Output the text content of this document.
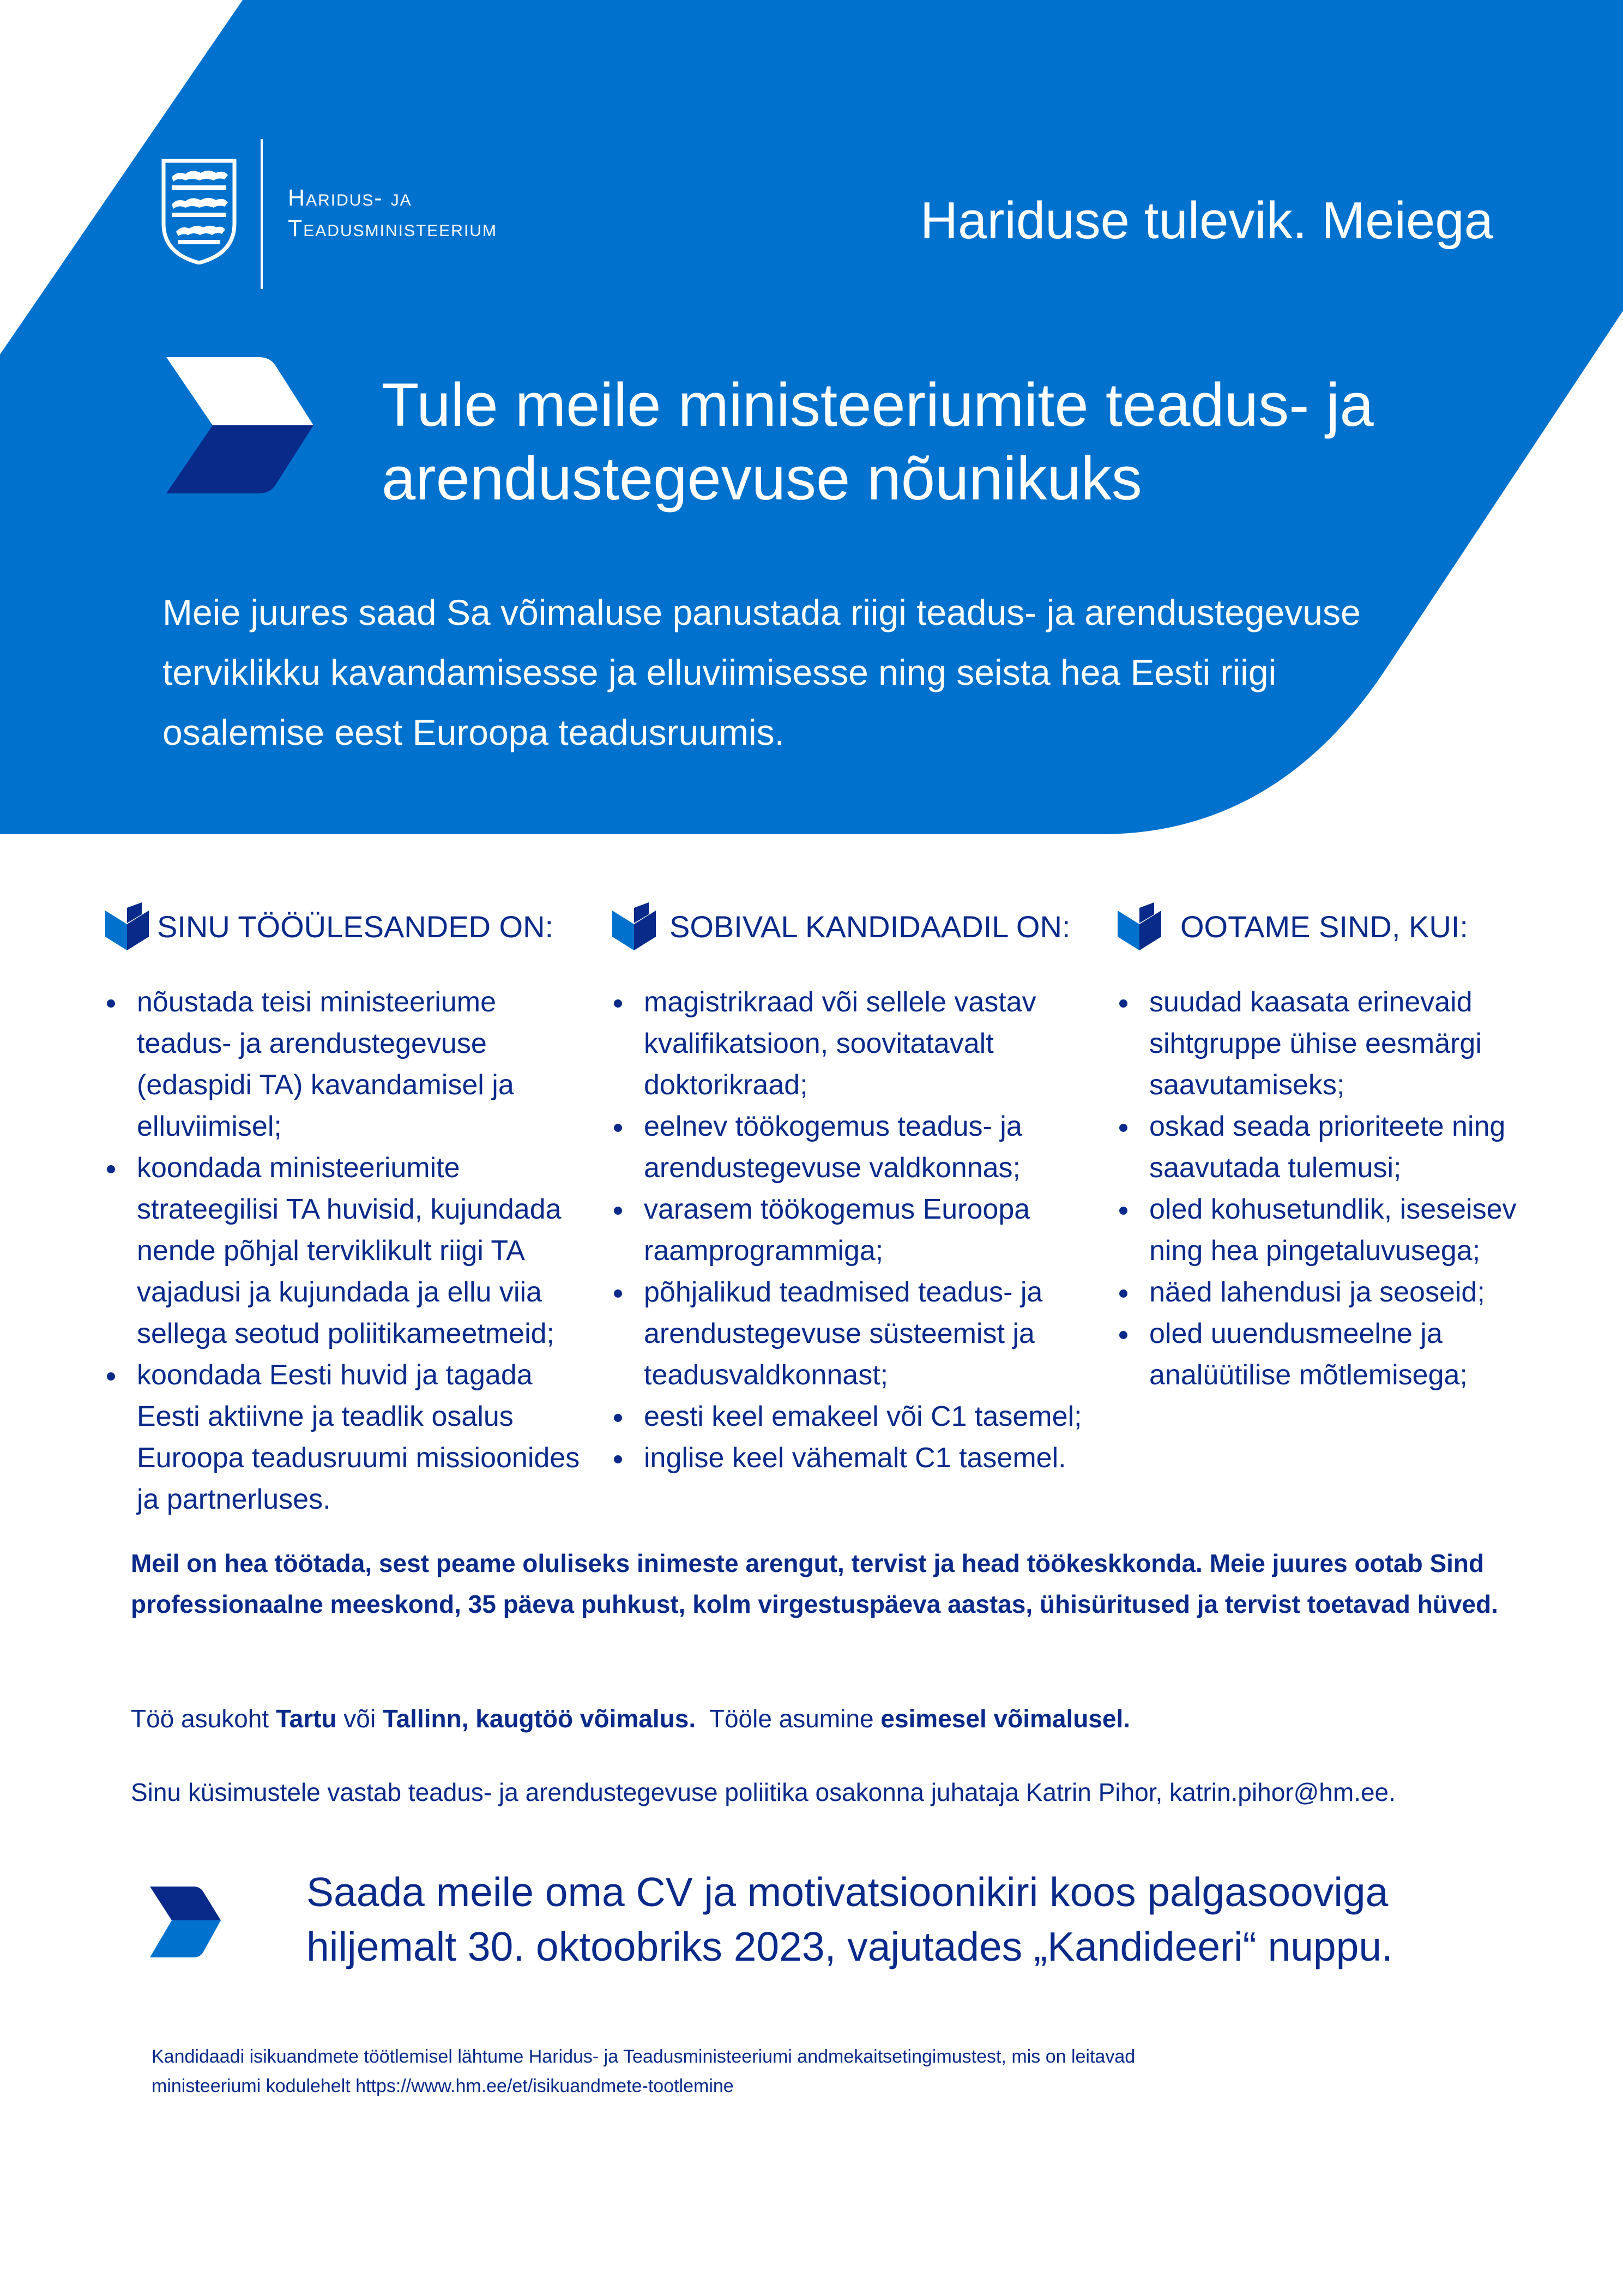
Haridus- ja
Teadusministeerium	Hariduse tulevik. Meiega
Tule meile ministeeriumite teadus- ja
arendustegevuse nõunikuks
Meie juures saad Sa võimaluse panustada riigi teadus- ja arendustegevuse terviklikku kavandamisesse ja elluviimisesse ning seista hea Eesti riigi osalemise eest Euroopa teadusruumis.
SINU TÖÖÜLESANDED ON:
• nõustada teisi ministeeriume teadus- ja arendustegevuse (edaspidi TA) kavandamisel ja elluviimisel;
• koondada ministeeriumite strateegilisi TA huvisid, kujundada nende põhjal terviklikult riigi TA vajadusi ja kujundada ja ellu viia sellega seotud poliitikameetmeid;
• koondada Eesti huvid ja tagada Eesti aktiivne ja teadlik osalus Euroopa teadusruumi missioonides ja partnerluses.
SOBIVAL KANDIDAADIL ON:
• magistrikraad või sellele vastav kvalifikatsioon, soovitatavalt doktorikraad;
• eelnev töökogemus teadus- ja arendustegevuse valdkonnas;
• varasem töökogemus Euroopa raamprogrammiga;
• põhjalikud teadmised teadus- ja arendustegevuse süsteemist ja teadusvaldkonnast;
• eesti keel emakeel või C1 tasemel;
• inglise keel vähemalt C1 tasemel.
OOTAME SIND, KUI:
• suudad kaasata erinevaid sihtgruppe ühise eesmärgi saavutamiseks;
• oskad seada prioriteete ning saavutada tulemusi;
• oled kohusetundlik, iseseisev ning hea pingetaluvusega;
• näed lahendusi ja seoseid;
• oled uuendusmeelne ja analüütilise mõtlemisega;
Meil on hea töötada, sest peame oluliseks inimeste arengut, tervist ja head töökeskkonda. Meie juures ootab Sind professionaalne meeskond, 35 päeva puhkust, kolm virgestuspäeva aastas, ühisüritused ja tervist toetavad hüved.
Töö asukoht Tartu või Tallinn, kaugtöö võimalus.  Tööle asumine esimesel võimalusel.
Sinu küsimustele vastab teadus- ja arendustegevuse poliitika osakonna juhataja Katrin Pihor, katrin.pihor@hm.ee.
Saada meile oma CV ja motivatsioonikiri koos palgasooviga
hiljemalt 30. oktoobriks 2023, vajutades „Kandideeri“ nuppu.
Kandidaadi isikuandmete töötlemisel lähtume Haridus- ja Teadusministeeriumi andmekaitsetingimustest, mis on leitavad
ministeeriumi kodulehelt https://www.hm.ee/et/isikuandmete-tootlemine
